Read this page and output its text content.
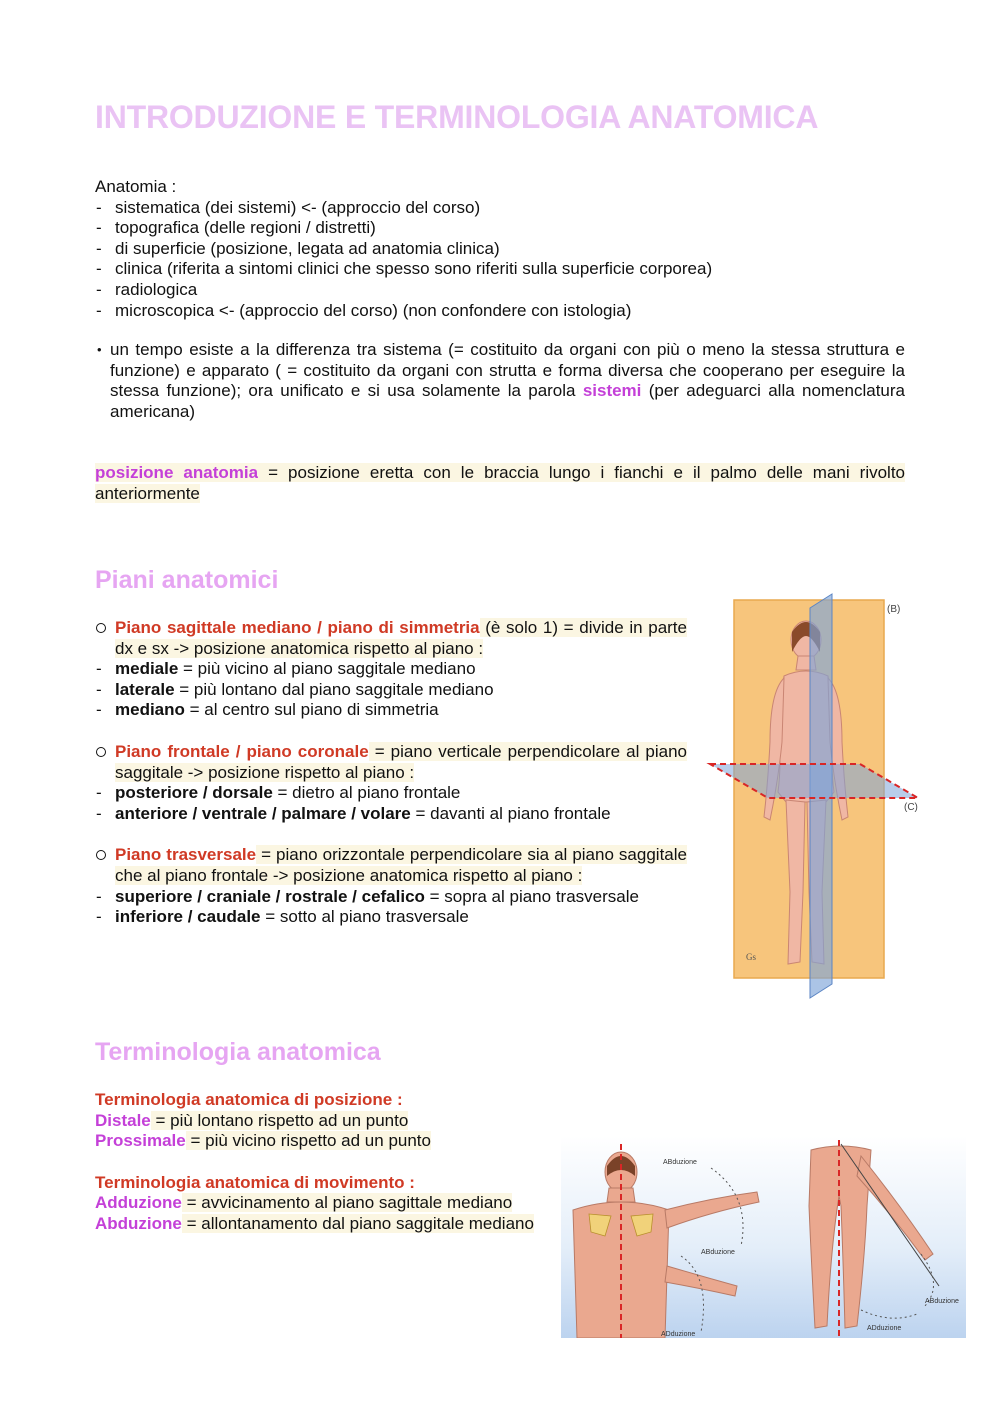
INTRODUZIONE E TERMINOLOGIA ANATOMICA
Anatomia :
- sistematica (dei sistemi) <- (approccio del corso)
- topografica (delle regioni / distretti)
- di superficie (posizione, legata ad anatomia clinica)
- clinica (riferita a sintomi clinici che spesso sono riferiti sulla superficie corporea)
- radiologica
- microscopica <- (approccio del corso) (non confondere con istologia)
• un tempo esiste a la differenza tra sistema (= costituito da organi con più o meno la stessa struttura e funzione) e apparato ( = costituito da organi con strutta e forma diversa che cooperano per eseguire la stessa funzione); ora unificato e si usa solamente la parola sistemi (per adeguarci alla nomenclatura americana)
posizione anatomia = posizione eretta con le braccia lungo i fianchi e il palmo delle mani rivolto anteriormente
Piani anatomici
Piano sagittale mediano / piano di simmetria (è solo 1) = divide in parte dx e sx -> posizione anatomica rispetto al piano :
- mediale = più vicino al piano saggitale mediano
- laterale = più lontano dal piano saggitale mediano
- mediano = al centro sul piano di simmetria
Piano frontale / piano coronale = piano verticale perpendicolare al piano saggitale -> posizione rispetto al piano :
- posteriore / dorsale = dietro al piano frontale
- anteriore / ventrale / palmare / volare = davanti al piano frontale
Piano trasversale = piano orizzontale perpendicolare sia al piano saggitale che al piano frontale -> posizione anatomica rispetto al piano :
- superiore / craniale / rostrale / cefalico = sopra al piano trasversale
- inferiore / caudale = sotto al piano trasversale
(B)
(C)
Gs
Terminologia anatomica
Terminologia anatomica di posizione :
Distale = più lontano rispetto ad un punto
Prossimale = più vicino rispetto ad un punto
Terminologia anatomica di movimento :
Adduzione = avvicinamento al piano sagittale mediano
Abduzione = allontanamento dal piano saggitale mediano
ABduzione
ABduzione
ADduzione
ABduzione
ADduzione
